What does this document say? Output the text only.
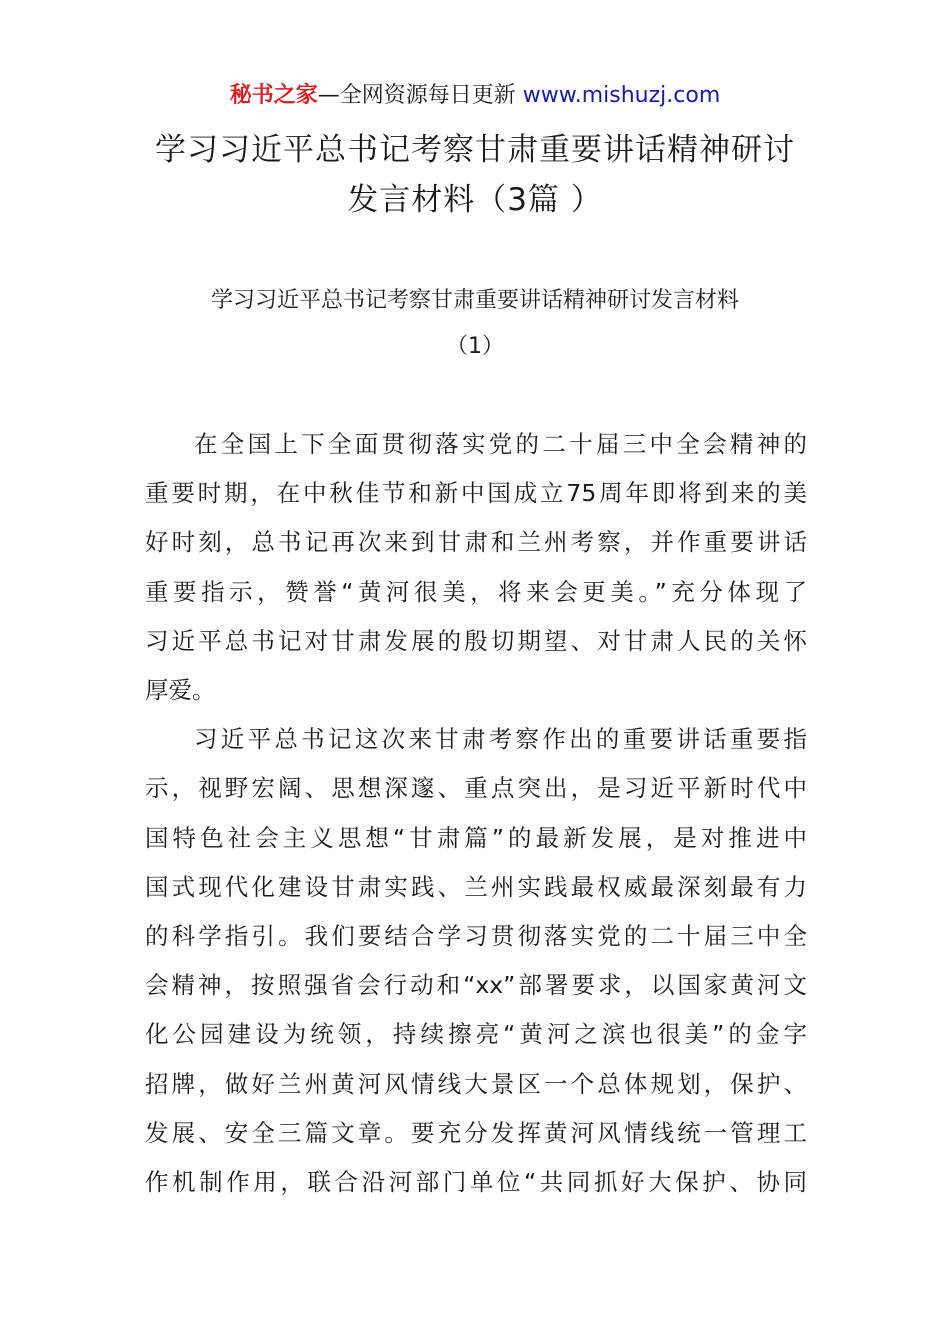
秘书之家—全网资源每日更新 www.mishuzj.com
学习习近平总书记考察甘肃重要讲话精神研讨
发言材料（3篇 ）
学习习近平总书记考察甘肃重要讲话精神研讨发言材料
（1）

在全国上下全面贯彻落实党的二十届三中全会精神的
重要时期，在中秋佳节和新中国成立75周年即将到来的美
好时刻，总书记再次来到甘肃和兰州考察，并作重要讲话
重要指示，赞誉“黄河很美，将来会更美。”充分体现了
习近平总书记对甘肃发展的殷切期望、对甘肃人民的关怀
厚爱。

习近平总书记这次来甘肃考察作出的重要讲话重要指
示，视野宏阔、思想深邃、重点突出，是习近平新时代中
国特色社会主义思想“甘肃篇”的最新发展，是对推进中
国式现代化建设甘肃实践、兰州实践最权威最深刻最有力
的科学指引。我们要结合学习贯彻落实党的二十届三中全
会精神，按照强省会行动和“xx”部署要求，以国家黄河文
化公园建设为统领，持续擦亮“黄河之滨也很美”的金字
招牌，做好兰州黄河风情线大景区一个总体规划，保护、
发展、安全三篇文章。要充分发挥黄河风情线统一管理工
作机制作用，联合沿河部门单位“共同抓好大保护、协同
